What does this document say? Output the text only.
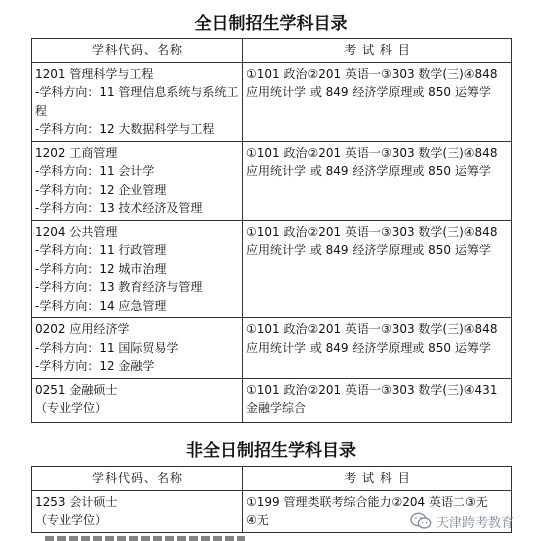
全日制招生学科目录
学科代码、名称	考 试 科 目

1201 管理科学与工程
-学科方向：11 管理信息系统与系统工程
-学科方向：12 大数据科学与工程	①101 政治②201 英语一③303 数学(三)④848
应用统计学 或 849 经济学原理或 850 运筹学

1202 工商管理
-学科方向：11 会计学
-学科方向：12 企业管理
-学科方向：13 技术经济及管理	①101 政治②201 英语一③303 数学(三)④848
应用统计学 或 849 经济学原理或 850 运筹学

1204 公共管理
-学科方向：11 行政管理
-学科方向：12 城市治理
-学科方向：13 教育经济与管理
-学科方向：14 应急管理	①101 政治②201 英语一③303 数学(三)④848
应用统计学 或 849 经济学原理或 850 运筹学

0202 应用经济学
-学科方向：11 国际贸易学
-学科方向：12 金融学	①101 政治②201 英语一③303 数学(三)④848
应用统计学 或 849 经济学原理或 850 运筹学

0251 金融硕士
（专业学位）	①101 政治②201 英语一③303 数学(三)④431
金融学综合
非全日制招生学科目录
学科代码、名称	考 试 科 目

1253 会计硕士
（专业学位）	①199 管理类联考综合能力②204 英语二③无
④无	天津跨考教育
